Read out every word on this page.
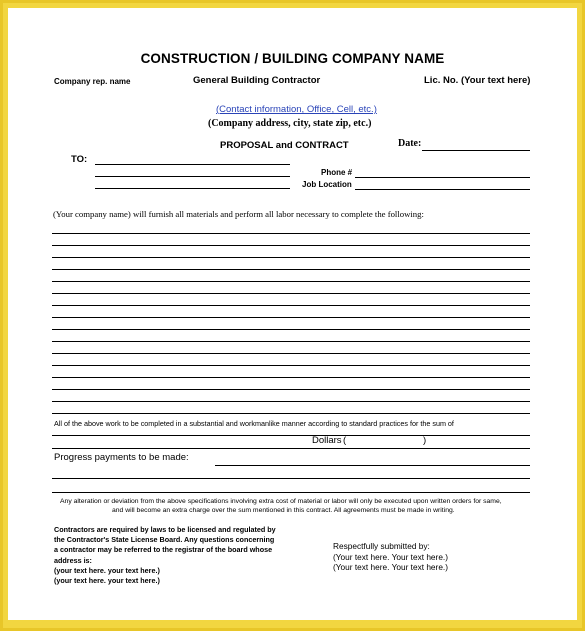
CONSTRUCTION / BUILDING COMPANY NAME
Company rep. name	General Building Contractor	Lic. No. (Your text here)
(Contact information, Office, Cell, etc.)
(Company address, city, state zip, etc.)
PROPOSAL and CONTRACT	Date:
TO:
Phone #
Job Location
(Your company name) will furnish all materials and perform all labor necessary to complete the following:
All of the above work to be completed in a substantial and workmanlike manner according to standard practices for the sum of
Dollars (	)
Progress payments to be made:
Any alteration or deviation from the above specifications involving extra cost of material or labor will only be executed upon written orders for same,
and will become an extra charge over the sum mentioned in this contract. All agreements must be made in writing.
Contractors are required by laws to be licensed and regulated by
the Contractor's State License Board. Any questions concerning
a contractor may be referred to the registrar of the board whose
address is:
(your text here. your text here.)
(your text here. your text here.)
Respectfully submitted by:
(Your text here. Your text here.)
(Your text here. Your text here.)
